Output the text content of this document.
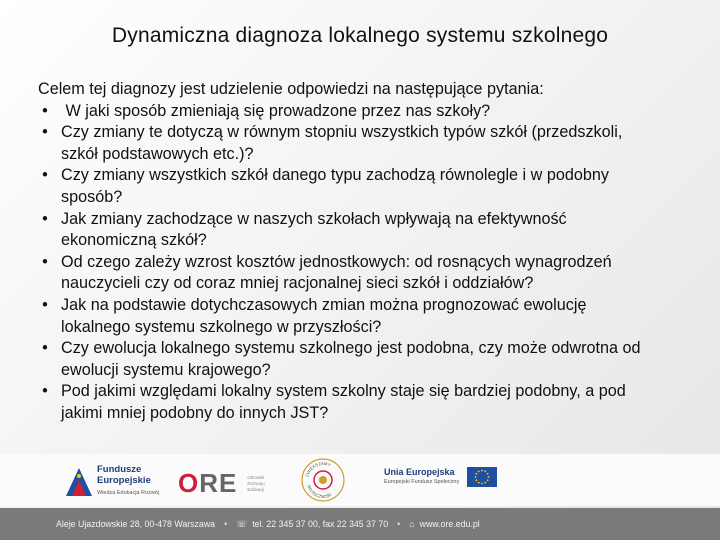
Dynamiczna diagnoza lokalnego systemu szkolnego

Celem tej diagnozy jest udzielenie odpowiedzi na następujące pytania:

• W jaki sposób zmieniają się prowadzone przez nas szkoły?
• Czy zmiany te dotyczą w równym stopniu wszystkich typów szkół (przedszkoli,
szkół podstawowych etc.)?
• Czy zmiany wszystkich szkół danego typu zachodzą równolegle i w podobny
sposób?
• Jak zmiany zachodzące w naszych szkołach wpływają na efektywność
ekonomiczną szkół?
• Od czego zależy wzrost kosztów jednostkowych: od rosnących wynagrodzeń
nauczycieli czy od coraz mniej racjonalnej sieci szkół i oddziałów?
• Jak na podstawie dotychczasowych zmian można prognozować ewolucję
lokalnego systemu szkolnego w przyszłości?
• Czy ewolucja lokalnego systemu szkolnego jest podobna, czy może odwrotna od
ewolucji systemu krajowego?
• Pod jakimi względami lokalny system szkolny staje się bardziej podobny, a pod
jakimi mniej podobny do innych JST?
Fundusze
Europejskie
Wiedza Edukacja Rozwój ORE Ośrodek
Rozwoju
Edukacji
ZWIĘKSZAMY
SKUTECZNOŚĆ
Unia Europejska
Europejski Fundusz Społeczny
Aleje Ujazdowskie 28, 00-478 Warszawa • ☏ tel. 22 345 37 00, fax 22 345 37 70 • ⌂ www.ore.edu.pl
